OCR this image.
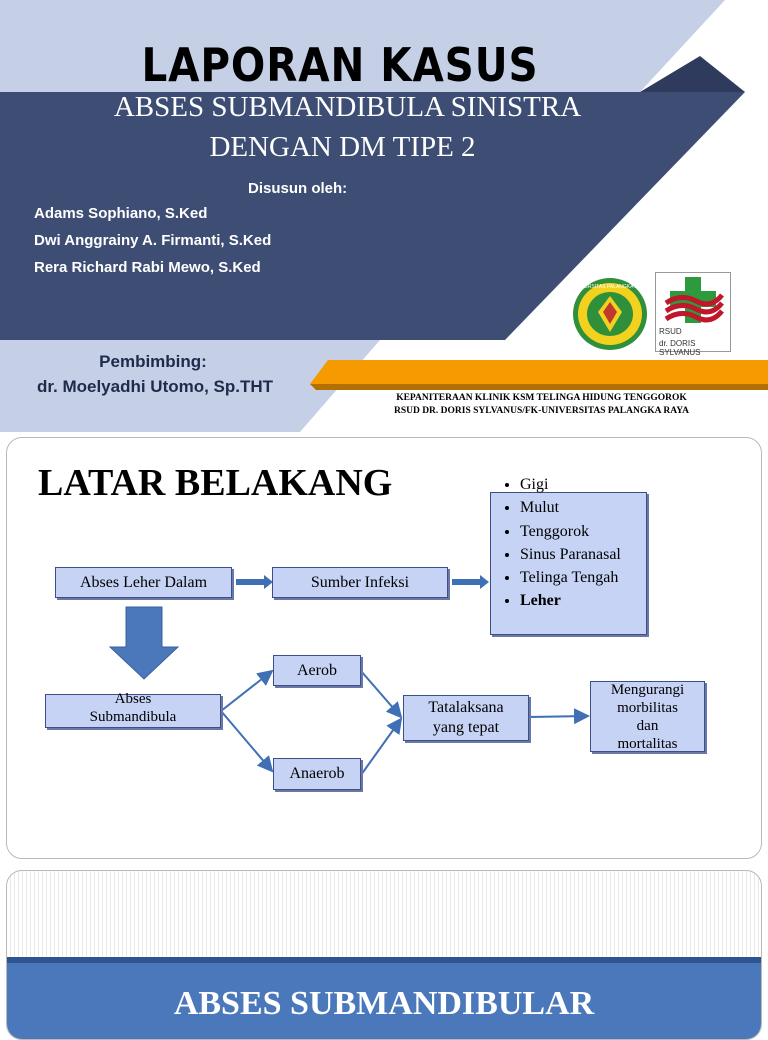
LAPORAN KASUS
ABSES SUBMANDIBULA SINISTRA
DENGAN DM TIPE 2
Disusun oleh:
Adams Sophiano, S.Ked
Dwi Anggrainy A. Firmanti, S.Ked
Rera Richard Rabi Mewo, S.Ked
UNIVERSITAS PALANGKA RAYA
RSUD
dr. DORIS SYLVANUS
Pembimbing:
dr. Moelyadhi Utomo, Sp.THT
KEPANITERAAN KLINIK KSM TELINGA HIDUNG TENGGOROK
RSUD DR. DORIS SYLVANUS/FK-UNIVERSITAS PALANGKA RAYA
LATAR BELAKANG
Abses Leher Dalam	Sumber Infeksi
• Gigi
• Mulut
• Tenggorok
• Sinus Paranasal
• Telinga Tengah
• Leher
Abses
Submandibula
Aerob
Anaerob
Tatalaksana
yang tepat
Mengurangi
morbilitas
dan
mortalitas
ABSES SUBMANDIBULAR
